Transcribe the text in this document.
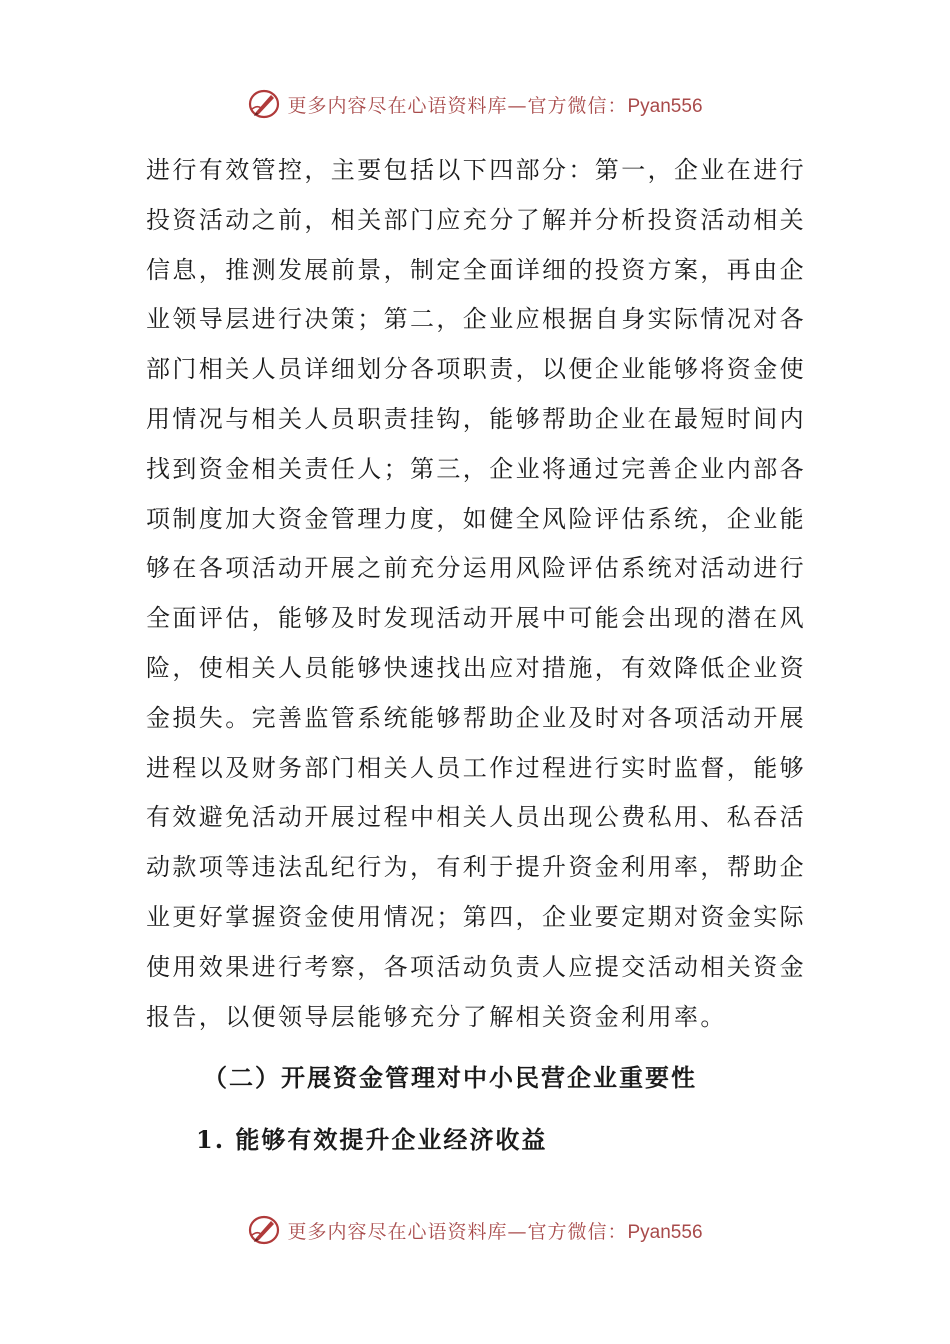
更多内容尽在心语资料库—官方微信：Pyan556

进行有效管控，主要包括以下四部分：第一，企业在进行投资活动之前，相关部门应充分了解并分析投资活动相关信息，推测发展前景，制定全面详细的投资方案，再由企业领导层进行决策；第二，企业应根据自身实际情况对各部门相关人员详细划分各项职责，以便企业能够将资金使用情况与相关人员职责挂钩，能够帮助企业在最短时间内找到资金相关责任人；第三，企业将通过完善企业内部各项制度加大资金管理力度，如健全风险评估系统，企业能够在各项活动开展之前充分运用风险评估系统对活动进行全面评估，能够及时发现活动开展中可能会出现的潜在风险，使相关人员能够快速找出应对措施，有效降低企业资金损失。完善监管系统能够帮助企业及时对各项活动开展进程以及财务部门相关人员工作过程进行实时监督，能够有效避免活动开展过程中相关人员出现公费私用、私吞活动款项等违法乱纪行为，有利于提升资金利用率，帮助企业更好掌握资金使用情况；第四，企业要定期对资金实际使用效果进行考察，各项活动负责人应提交活动相关资金报告，以便领导层能够充分了解相关资金利用率。

（二）开展资金管理对中小民营企业重要性
1. 能够有效提升企业经济收益
更多内容尽在心语资料库—官方微信：Pyan556
